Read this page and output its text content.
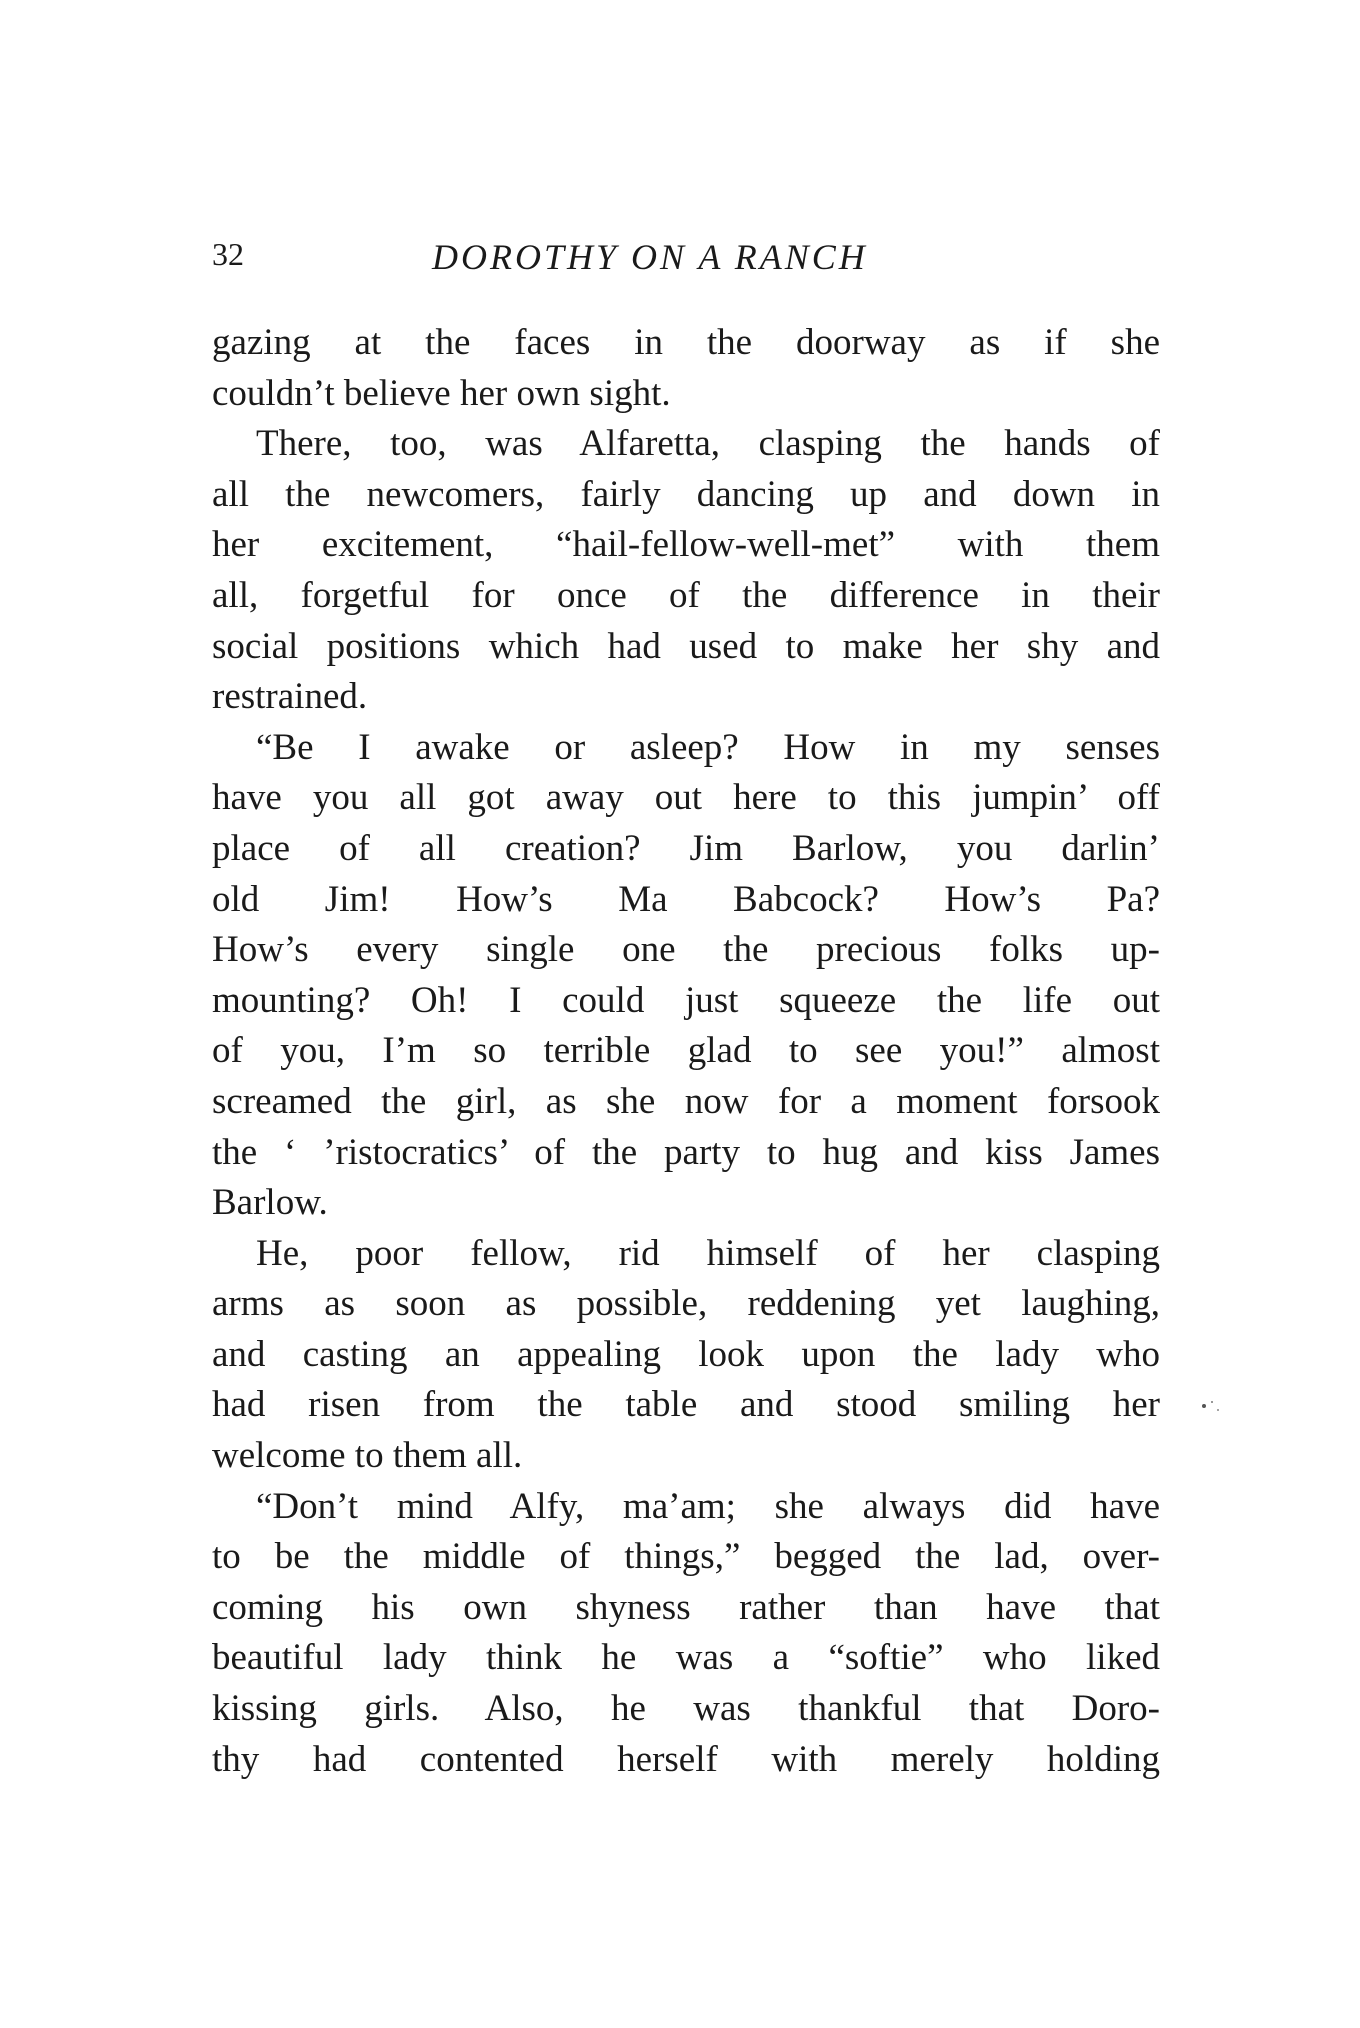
32	DOROTHY ON A RANCH
gazing at the faces in the doorway as if she
couldn’t believe her own sight.
There, too, was Alfaretta, clasping the hands of
all the newcomers, fairly dancing up and down in
her excitement, “hail-fellow-well-met” with them
all, forgetful for once of the difference in their
social positions which had used to make her shy and
restrained.
“Be I awake or asleep? How in my senses
have you all got away out here to this jumpin’ off
place of all creation? Jim Barlow, you darlin’
old Jim! How’s Ma Babcock? How’s Pa?
How’s every single one the precious folks up-
mounting? Oh! I could just squeeze the life out
of you, I’m so terrible glad to see you!” almost
screamed the girl, as she now for a moment forsook
the ‘ ’ristocratics’ of the party to hug and kiss James
Barlow.
He, poor fellow, rid himself of her clasping
arms as soon as possible, reddening yet laughing,
and casting an appealing look upon the lady who
had risen from the table and stood smiling her
welcome to them all.
“Don’t mind Alfy, ma’am; she always did have
to be the middle of things,” begged the lad, over-
coming his own shyness rather than have that
beautiful lady think he was a “softie” who liked
kissing girls. Also, he was thankful that Doro-
thy had contented herself with merely holding
